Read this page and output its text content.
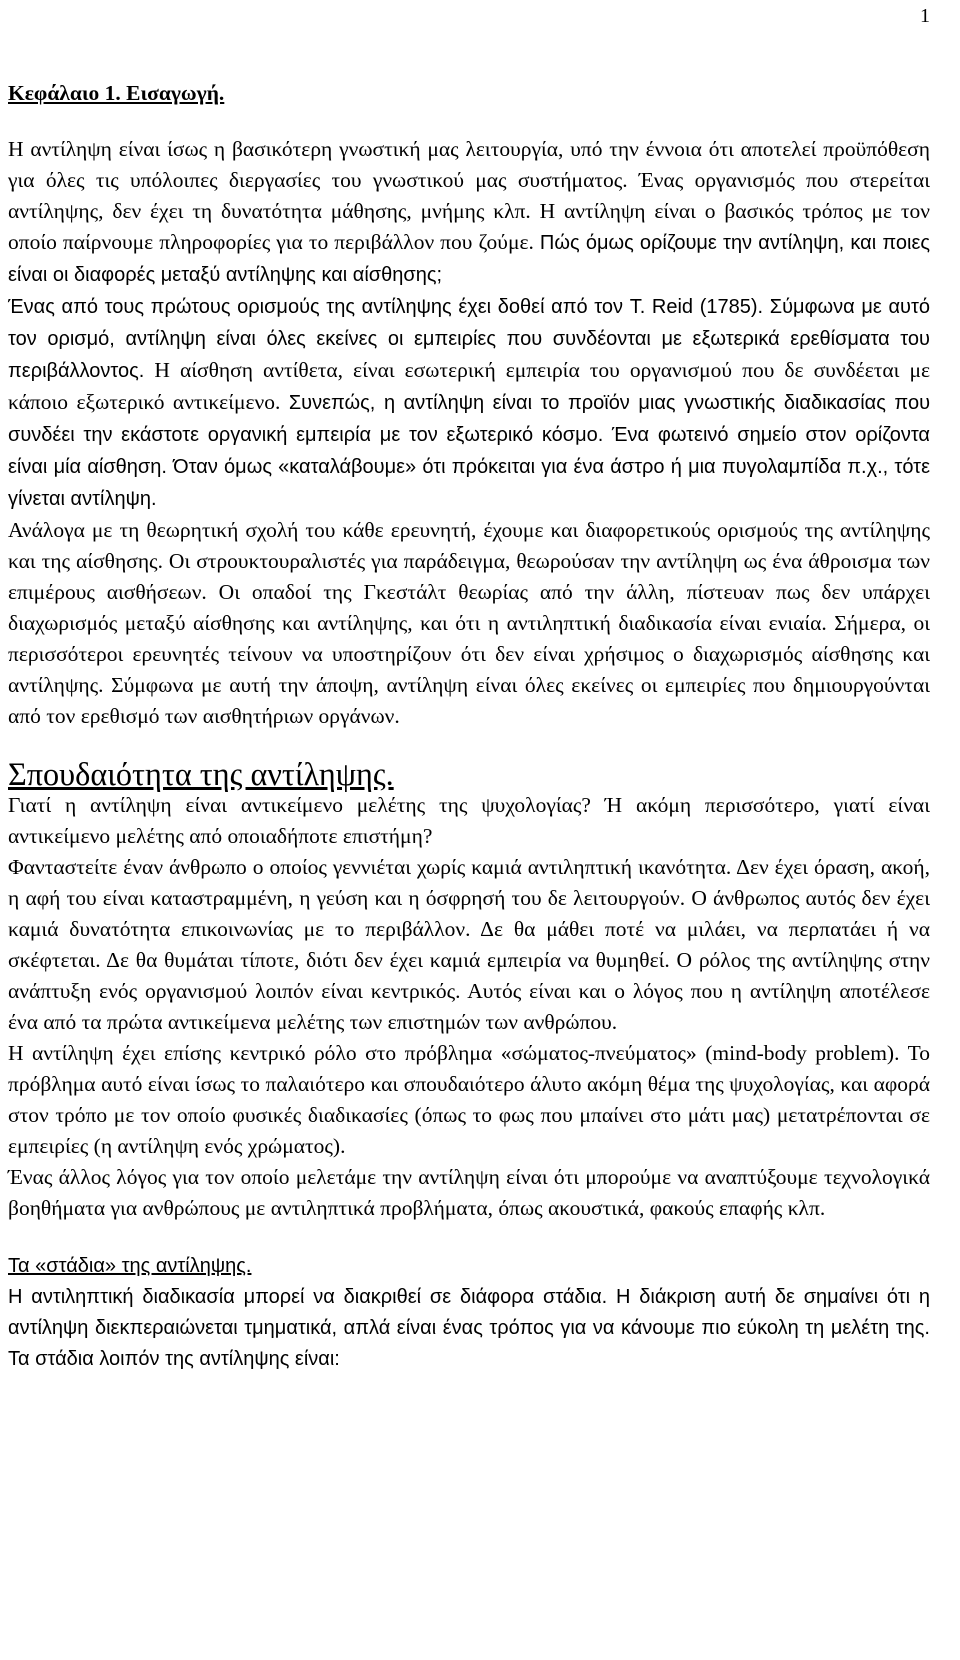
1
Κεφάλαιο 1. Εισαγωγή.
Η αντίληψη είναι ίσως η βασικότερη γνωστική μας λειτουργία, υπό την έννοια ότι αποτελεί προϋπόθεση για όλες τις υπόλοιπες διεργασίες του γνωστικού μας συστήματος. Ένας οργανισμός που στερείται αντίληψης, δεν έχει τη δυνατότητα μάθησης, μνήμης κλπ. Η αντίληψη είναι ο βασικός τρόπος με τον οποίο παίρνουμε πληροφορίες για το περιβάλλον που ζούμε. Πώς όμως ορίζουμε την αντίληψη, και ποιες είναι οι διαφορές μεταξύ αντίληψης και αίσθησης;
Ένας από τους πρώτους ορισμούς της αντίληψης έχει δοθεί από τον T. Reid (1785). Σύμφωνα με αυτό τον ορισμό, αντίληψη είναι όλες εκείνες οι εμπειρίες που συνδέονται με εξωτερικά ερεθίσματα του περιβάλλοντος. Η αίσθηση αντίθετα, είναι εσωτερική εμπειρία του οργανισμού που δε συνδέεται με κάποιο εξωτερικό αντικείμενο. Συνεπώς, η αντίληψη είναι το προϊόν μιας γνωστικής διαδικασίας που συνδέει την εκάστοτε οργανική εμπειρία με τον εξωτερικό κόσμο. Ένα φωτεινό σημείο στον ορίζοντα είναι μία αίσθηση. Όταν όμως «καταλάβουμε» ότι πρόκειται για ένα άστρο ή μια πυγολαμπίδα π.χ., τότε γίνεται αντίληψη.

Ανάλογα με τη θεωρητική σχολή του κάθε ερευνητή, έχουμε και διαφορετικούς ορισμούς της αντίληψης και της αίσθησης. Οι στρουκτουραλιστές για παράδειγμα, θεωρούσαν την αντίληψη ως ένα άθροισμα των επιμέρους αισθήσεων. Οι οπαδοί της Γκεστάλτ θεωρίας από την άλλη, πίστευαν πως δεν υπάρχει διαχωρισμός μεταξύ αίσθησης και αντίληψης, και ότι η αντιληπτική διαδικασία είναι ενιαία. Σήμερα, οι περισσότεροι ερευνητές τείνουν να υποστηρίζουν ότι δεν είναι χρήσιμος ο διαχωρισμός αίσθησης και αντίληψης. Σύμφωνα με αυτή την άποψη, αντίληψη είναι όλες εκείνες οι εμπειρίες που δημιουργούνται από τον ερεθισμό των αισθητήριων οργάνων.

Σπουδαιότητα της αντίληψης.

Γιατί η αντίληψη είναι αντικείμενο μελέτης της ψυχολογίας? Ή ακόμη περισσότερο, γιατί είναι αντικείμενο μελέτης από οποιαδήποτε επιστήμη?

Φανταστείτε έναν άνθρωπο ο οποίος γεννιέται χωρίς καμιά αντιληπτική ικανότητα. Δεν έχει όραση, ακοή, η αφή του είναι καταστραμμένη, η γεύση και η όσφρησή του δε λειτουργούν. Ο άνθρωπος αυτός δεν έχει καμιά δυνατότητα επικοινωνίας με το περιβάλλον. Δε θα μάθει ποτέ να μιλάει, να περπατάει ή να σκέφτεται. Δε θα θυμάται τίποτε, διότι δεν έχει καμιά εμπειρία να θυμηθεί. Ο ρόλος της αντίληψης στην ανάπτυξη ενός οργανισμού λοιπόν είναι κεντρικός. Αυτός είναι και ο λόγος που η αντίληψη αποτέλεσε ένα από τα πρώτα αντικείμενα μελέτης των επιστημών των ανθρώπου.

Η αντίληψη έχει επίσης κεντρικό ρόλο στο πρόβλημα «σώματος-πνεύματος» (mind-body problem). Το πρόβλημα αυτό είναι ίσως το παλαιότερο και σπουδαιότερο άλυτο ακόμη θέμα της ψυχολογίας, και αφορά στον τρόπο με τον οποίο φυσικές διαδικασίες (όπως το φως που μπαίνει στο μάτι μας) μετατρέπονται σε εμπειρίες (η αντίληψη ενός χρώματος).

Ένας άλλος λόγος για τον οποίο μελετάμε την αντίληψη είναι ότι μπορούμε να αναπτύξουμε τεχνολογικά βοηθήματα για ανθρώπους με αντιληπτικά προβλήματα, όπως ακουστικά, φακούς επαφής κλπ.

Τα «στάδια» της αντίληψης.

Η αντιληπτική διαδικασία μπορεί να διακριθεί σε διάφορα στάδια. Η διάκριση αυτή δε σημαίνει ότι η αντίληψη διεκπεραιώνεται τμηματικά, απλά είναι ένας τρόπος για να κάνουμε πιο εύκολη τη μελέτη της. Τα στάδια λοιπόν της αντίληψης είναι:
